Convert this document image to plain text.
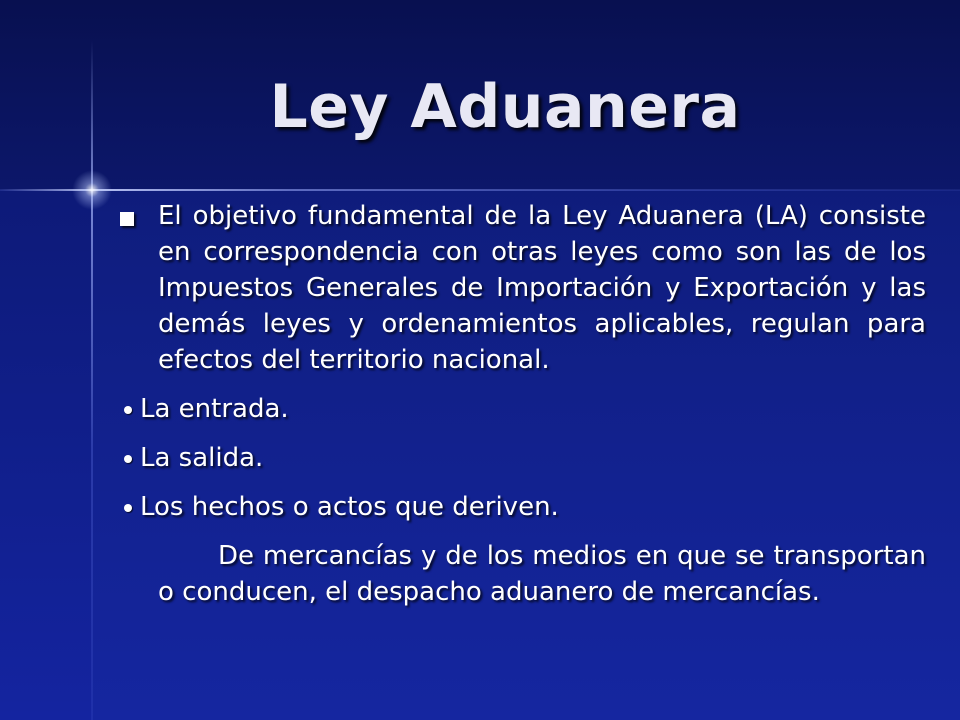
Ley Aduanera
El objetivo fundamental de la Ley Aduanera (LA) consiste en correspondencia con otras leyes como son las de los Impuestos Generales de Importación y Exportación y las demás leyes y ordenamientos aplicables, regulan para efectos del territorio nacional.
La entrada.
La salida.
Los hechos o actos que deriven.
De mercancías y de los medios en que se transportan o conducen, el despacho aduanero de mercancías.
